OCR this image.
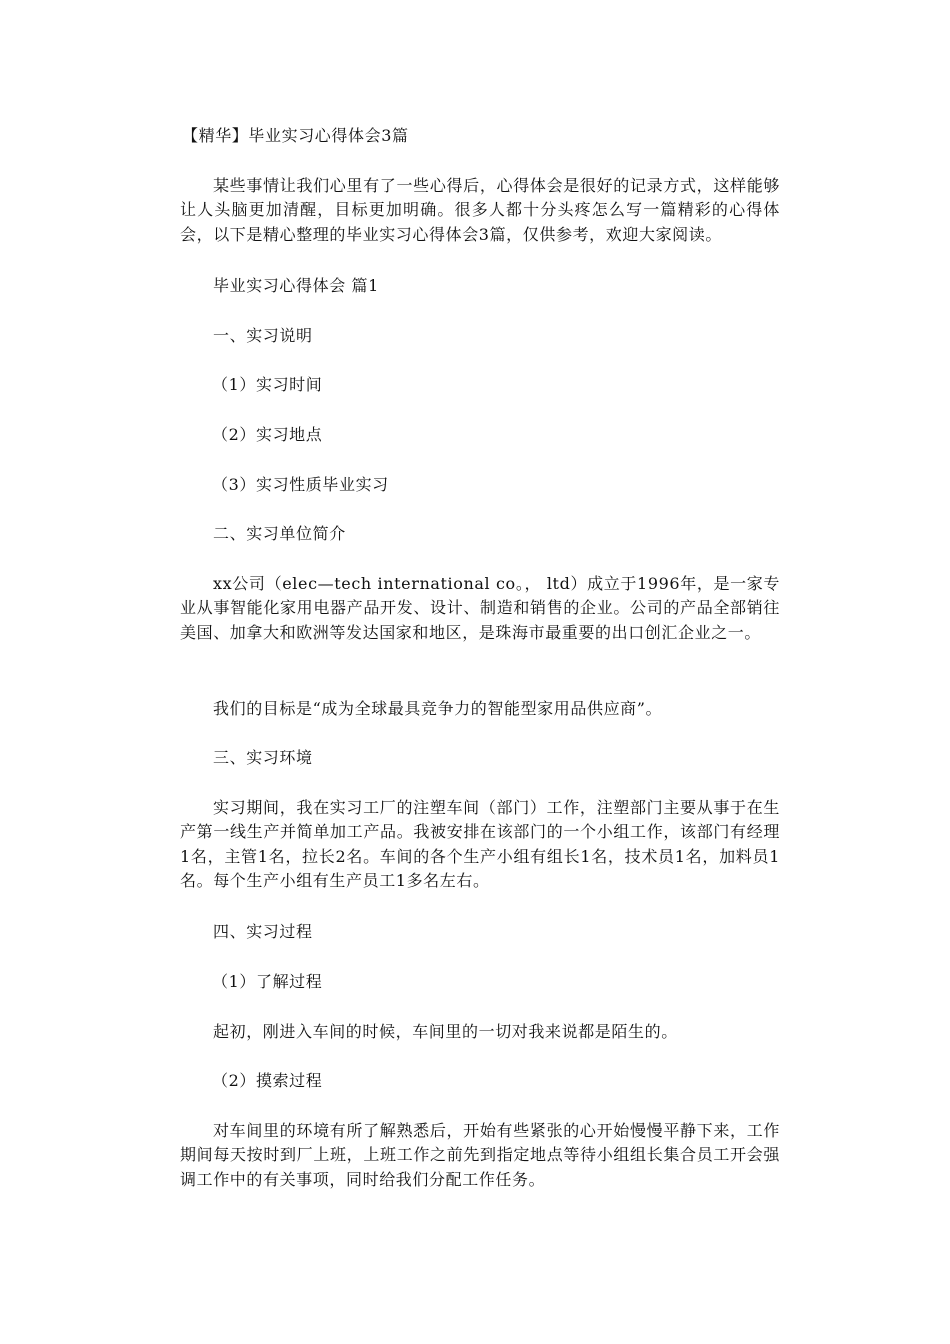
【精华】毕业实习心得体会3篇
某些事情让我们心里有了一些心得后，心得体会是很好的记录方式，这样能够让人头脑更加清醒，目标更加明确。很多人都十分头疼怎么写一篇精彩的心得体会，以下是精心整理的毕业实习心得体会3篇，仅供参考，欢迎大家阅读。
毕业实习心得体会 篇1
一、实习说明
（1）实习时间
（2）实习地点
（3）实习性质毕业实习
二、实习单位简介
xx公司（elec—tech international co。， ltd）成立于1996年，是一家专业从事智能化家用电器产品开发、设计、制造和销售的企业。公司的产品全部销往美国、加拿大和欧洲等发达国家和地区，是珠海市最重要的出口创汇企业之一。
我们的目标是“成为全球最具竞争力的智能型家用品供应商”。
三、实习环境
实习期间，我在实习工厂的注塑车间（部门）工作，注塑部门主要从事于在生产第一线生产并简单加工产品。我被安排在该部门的一个小组工作，该部门有经理1名，主管1名，拉长2名。车间的各个生产小组有组长1名，技术员1名，加料员1名。每个生产小组有生产员工1多名左右。
四、实习过程
（1）了解过程
起初，刚进入车间的时候，车间里的一切对我来说都是陌生的。
（2）摸索过程
对车间里的环境有所了解熟悉后，开始有些紧张的心开始慢慢平静下来，工作期间每天按时到厂上班，上班工作之前先到指定地点等待小组组长集合员工开会强调工作中的有关事项，同时给我们分配工作任务。
